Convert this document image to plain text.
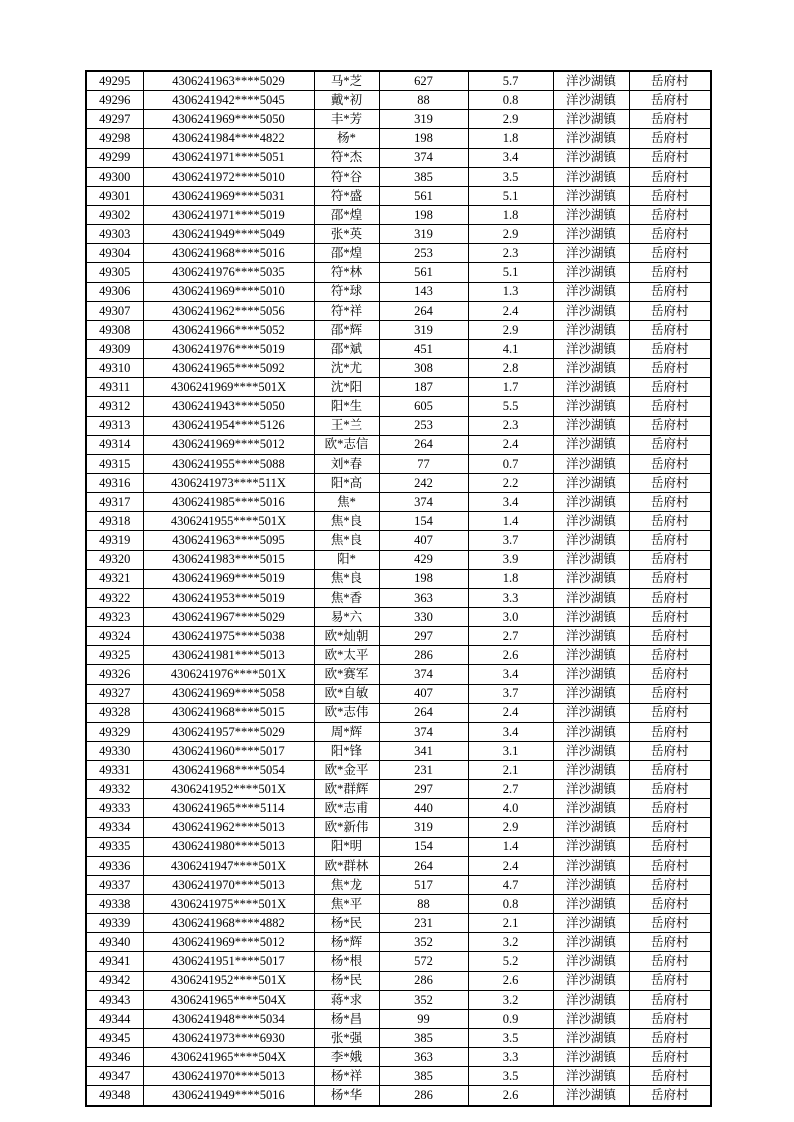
49295	4306241963****5029	马*芝	627	5.7	洋沙湖镇	岳府村
49296	4306241942****5045	戴*初	88	0.8	洋沙湖镇	岳府村
49297	4306241969****5050	丰*芳	319	2.9	洋沙湖镇	岳府村
49298	4306241984****4822	杨*	198	1.8	洋沙湖镇	岳府村
49299	4306241971****5051	符*杰	374	3.4	洋沙湖镇	岳府村
49300	4306241972****5010	符*谷	385	3.5	洋沙湖镇	岳府村
49301	4306241969****5031	符*盛	561	5.1	洋沙湖镇	岳府村
49302	4306241971****5019	邵*煌	198	1.8	洋沙湖镇	岳府村
49303	4306241949****5049	张*英	319	2.9	洋沙湖镇	岳府村
49304	4306241968****5016	邵*煌	253	2.3	洋沙湖镇	岳府村
49305	4306241976****5035	符*林	561	5.1	洋沙湖镇	岳府村
49306	4306241969****5010	符*球	143	1.3	洋沙湖镇	岳府村
49307	4306241962****5056	符*祥	264	2.4	洋沙湖镇	岳府村
49308	4306241966****5052	邵*辉	319	2.9	洋沙湖镇	岳府村
49309	4306241976****5019	邵*斌	451	4.1	洋沙湖镇	岳府村
49310	4306241965****5092	沈*尤	308	2.8	洋沙湖镇	岳府村
49311	4306241969****501X	沈*阳	187	1.7	洋沙湖镇	岳府村
49312	4306241943****5050	阳*生	605	5.5	洋沙湖镇	岳府村
49313	4306241954****5126	王*兰	253	2.3	洋沙湖镇	岳府村
49314	4306241969****5012	欧*志信	264	2.4	洋沙湖镇	岳府村
49315	4306241955****5088	刘*春	77	0.7	洋沙湖镇	岳府村
49316	4306241973****511X	阳*高	242	2.2	洋沙湖镇	岳府村
49317	4306241985****5016	焦*	374	3.4	洋沙湖镇	岳府村
49318	4306241955****501X	焦*良	154	1.4	洋沙湖镇	岳府村
49319	4306241963****5095	焦*良	407	3.7	洋沙湖镇	岳府村
49320	4306241983****5015	阳*	429	3.9	洋沙湖镇	岳府村
49321	4306241969****5019	焦*良	198	1.8	洋沙湖镇	岳府村
49322	4306241953****5019	焦*香	363	3.3	洋沙湖镇	岳府村
49323	4306241967****5029	易*六	330	3.0	洋沙湖镇	岳府村
49324	4306241975****5038	欧*灿朝	297	2.7	洋沙湖镇	岳府村
49325	4306241981****5013	欧*太平	286	2.6	洋沙湖镇	岳府村
49326	4306241976****501X	欧*赛军	374	3.4	洋沙湖镇	岳府村
49327	4306241969****5058	欧*自敏	407	3.7	洋沙湖镇	岳府村
49328	4306241968****5015	欧*志伟	264	2.4	洋沙湖镇	岳府村
49329	4306241957****5029	周*辉	374	3.4	洋沙湖镇	岳府村
49330	4306241960****5017	阳*锋	341	3.1	洋沙湖镇	岳府村
49331	4306241968****5054	欧*金平	231	2.1	洋沙湖镇	岳府村
49332	4306241952****501X	欧*群辉	297	2.7	洋沙湖镇	岳府村
49333	4306241965****5114	欧*志甫	440	4.0	洋沙湖镇	岳府村
49334	4306241962****5013	欧*新伟	319	2.9	洋沙湖镇	岳府村
49335	4306241980****5013	阳*明	154	1.4	洋沙湖镇	岳府村
49336	4306241947****501X	欧*群林	264	2.4	洋沙湖镇	岳府村
49337	4306241970****5013	焦*龙	517	4.7	洋沙湖镇	岳府村
49338	4306241975****501X	焦*平	88	0.8	洋沙湖镇	岳府村
49339	4306241968****4882	杨*民	231	2.1	洋沙湖镇	岳府村
49340	4306241969****5012	杨*辉	352	3.2	洋沙湖镇	岳府村
49341	4306241951****5017	杨*根	572	5.2	洋沙湖镇	岳府村
49342	4306241952****501X	杨*民	286	2.6	洋沙湖镇	岳府村
49343	4306241965****504X	蒋*求	352	3.2	洋沙湖镇	岳府村
49344	4306241948****5034	杨*昌	99	0.9	洋沙湖镇	岳府村
49345	4306241973****6930	张*强	385	3.5	洋沙湖镇	岳府村
49346	4306241965****504X	李*娥	363	3.3	洋沙湖镇	岳府村
49347	4306241970****5013	杨*祥	385	3.5	洋沙湖镇	岳府村
49348	4306241949****5016	杨*华	286	2.6	洋沙湖镇	岳府村
